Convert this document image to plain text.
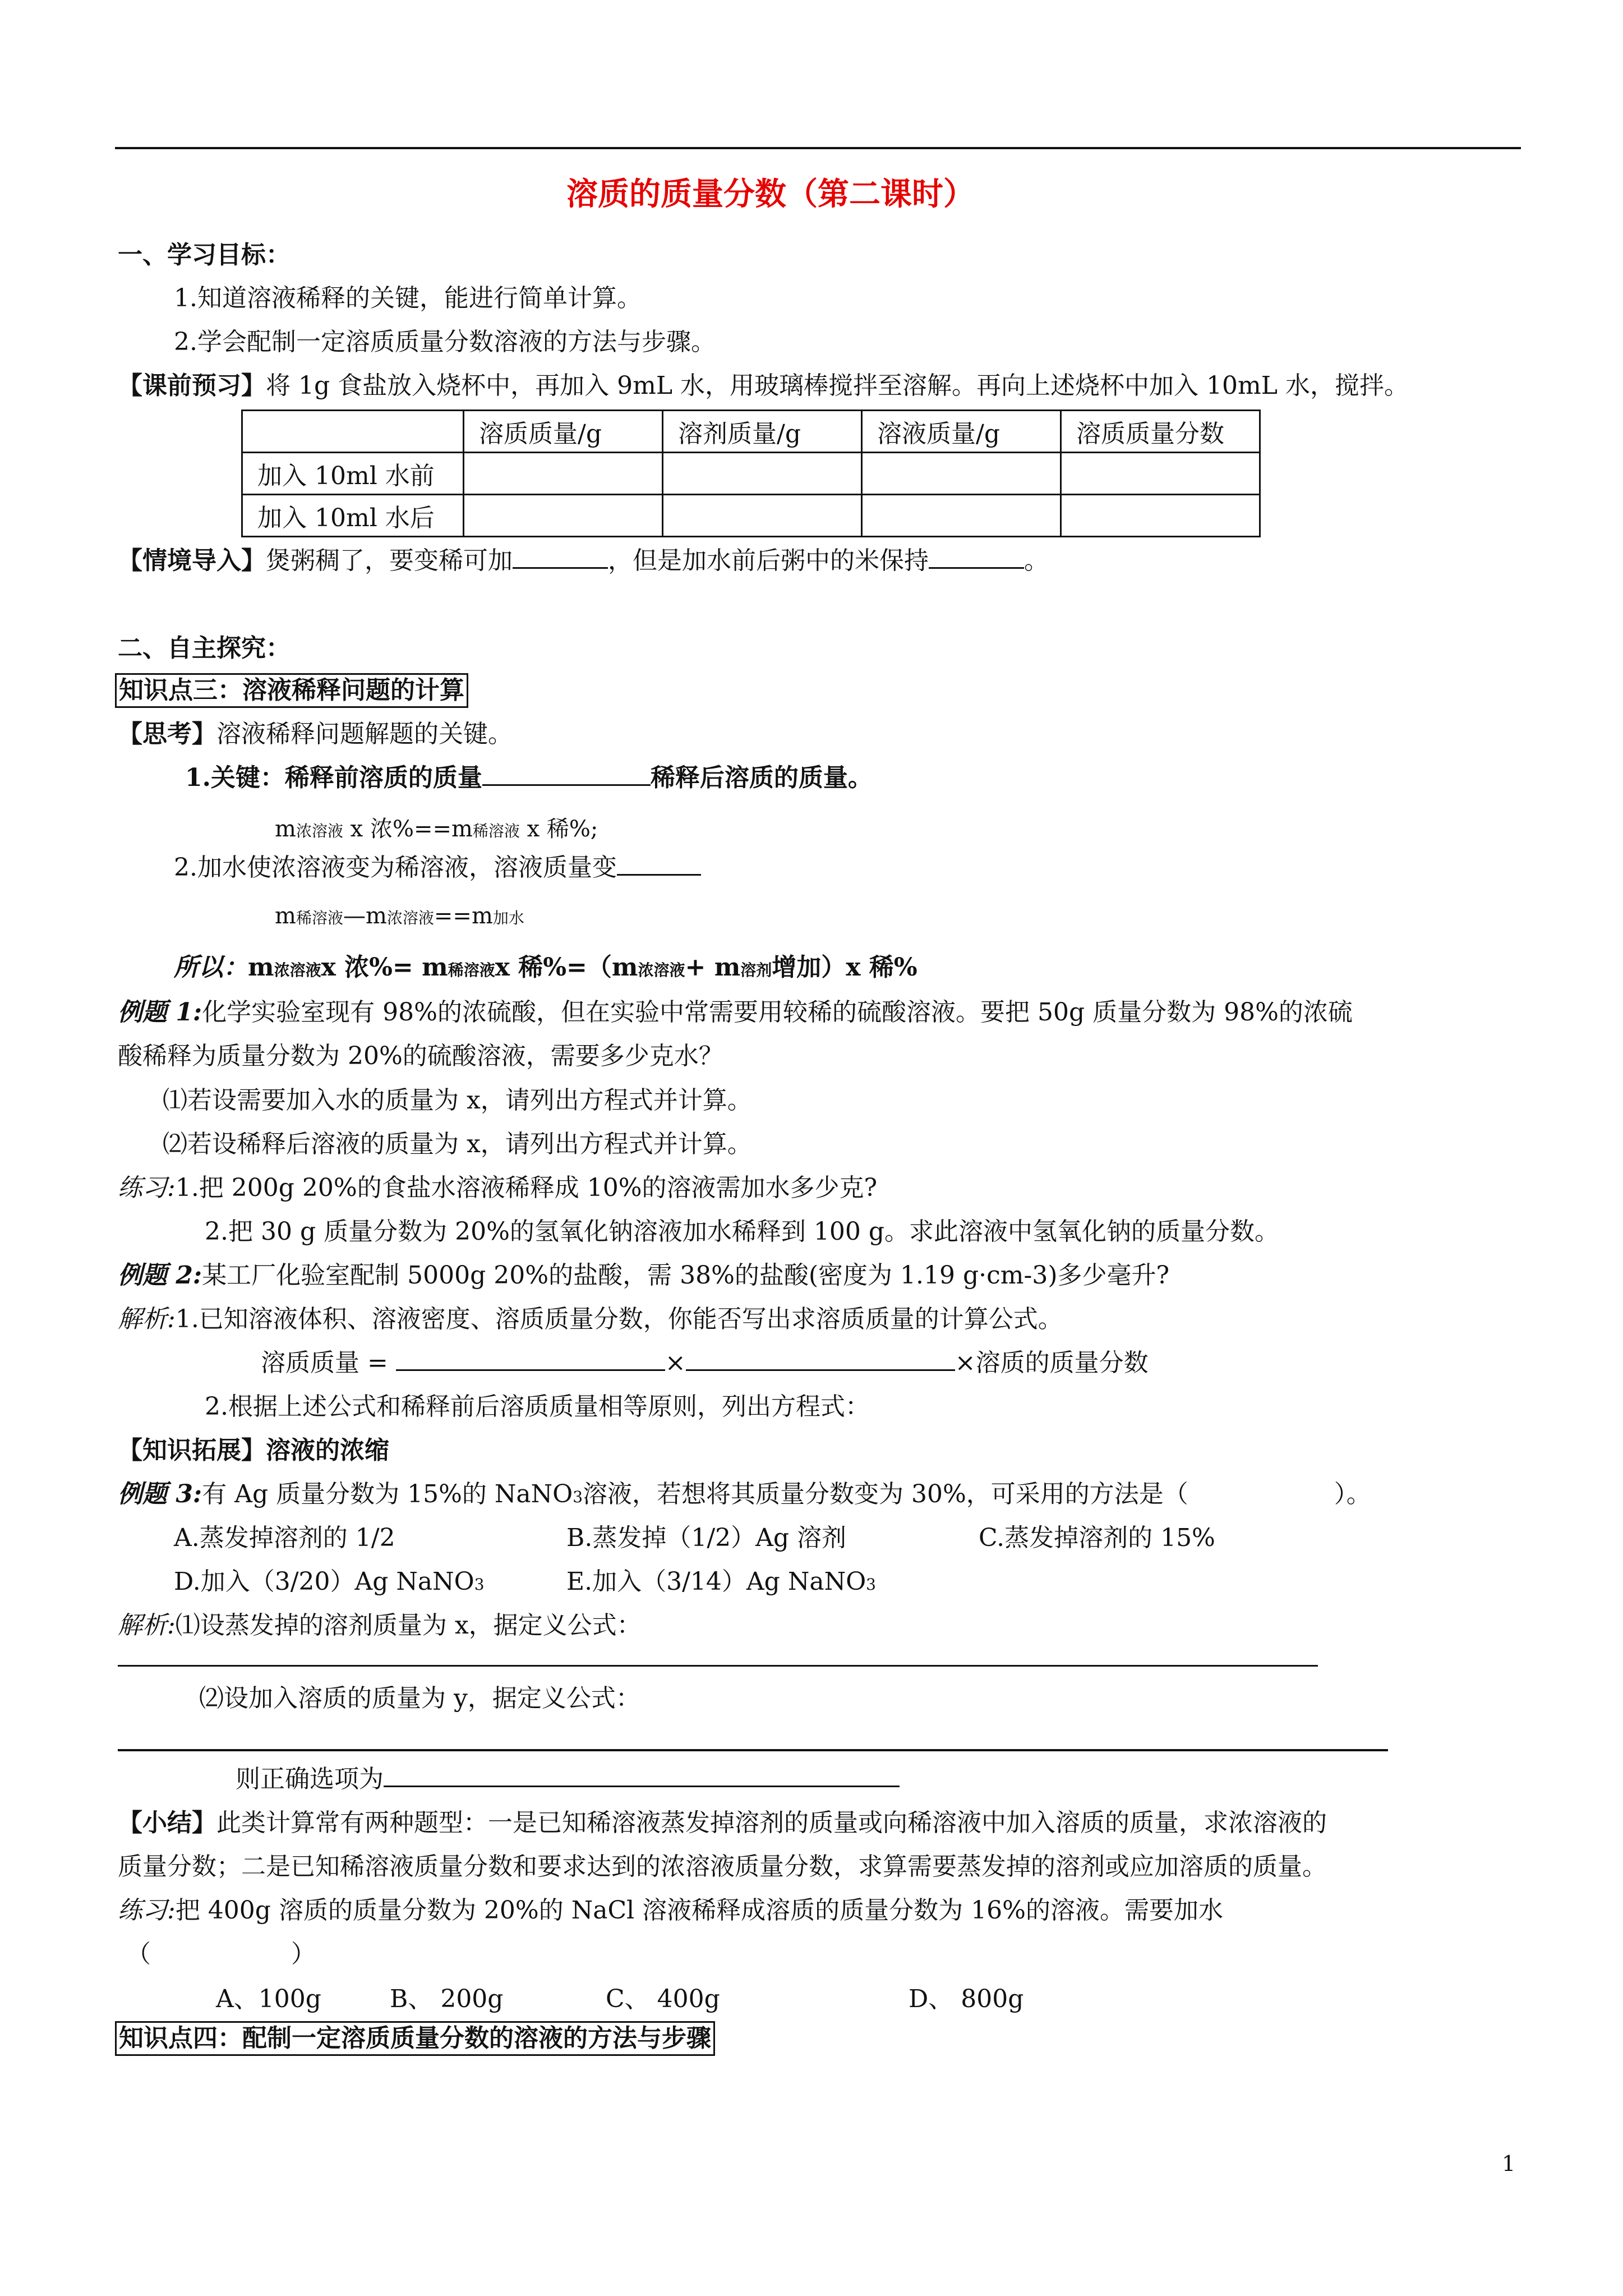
溶质的质量分数（第二课时）
一、学习目标：
1.知道溶液稀释的关键，能进行简单计算。
2.学会配制一定溶质质量分数溶液的方法与步骤。
【课前预习】将 1g 食盐放入烧杯中，再加入 9mL 水，用玻璃棒搅拌至溶解。再向上述烧杯中加入 10mL 水，搅拌。
	溶质质量/g	溶剂质量/g	溶液质量/g	溶质质量分数
加入 10ml 水前				
加入 10ml 水后				
【情境导入】煲粥稠了，要变稀可加	，但是加水前后粥中的米保持	。
二、自主探究：
知识点三：溶液稀释问题的计算
【思考】溶液稀释问题解题的关键。
1.关键：稀释前溶质的质量	稀释后溶质的质量。
m浓溶液 x 浓%==m稀溶液 x 稀%;
2.加水使浓溶液变为稀溶液，溶液质量变
m稀溶液—m浓溶液==m加水
所以：m浓溶液x 浓%= m稀溶液x 稀%=（m浓溶液+ m溶剂增加）x 稀%
例题 1:化学实验室现有 98%的浓硫酸，但在实验中常需要用较稀的硫酸溶液。要把 50g 质量分数为 98%的浓硫
酸稀释为质量分数为 20%的硫酸溶液，需要多少克水？
⑴若设需要加入水的质量为 x，请列出方程式并计算。
⑵若设稀释后溶液的质量为 x，请列出方程式并计算。
练习:1.把 200g 20%的食盐水溶液稀释成 10%的溶液需加水多少克?
2.把 30 g 质量分数为 20%的氢氧化钠溶液加水稀释到 100 g。求此溶液中氢氧化钠的质量分数。
例题 2:某工厂化验室配制 5000g 20%的盐酸，需 38%的盐酸(密度为 1.19 g·cm-3)多少毫升?
解析:1.已知溶液体积、溶液密度、溶质质量分数，你能否写出求溶质质量的计算公式。
溶质质量 =	×	×溶质的质量分数
2.根据上述公式和稀释前后溶质质量相等原则，列出方程式：
【知识拓展】溶液的浓缩
例题 3:有 Ag 质量分数为 15%的 NaNO3溶液，若想将其质量分数变为 30%，可采用的方法是（	）。
A.蒸发掉溶剂的 1/2	B.蒸发掉（1/2）Ag 溶剂	C.蒸发掉溶剂的 15%
D.加入（3/20）Ag NaNO3	E.加入（3/14）Ag NaNO3
解析:⑴设蒸发掉的溶剂质量为 x，据定义公式：
⑵设加入溶质的质量为 y，据定义公式：
则正确选项为
【小结】此类计算常有两种题型：一是已知稀溶液蒸发掉溶剂的质量或向稀溶液中加入溶质的质量，求浓溶液的
质量分数；二是已知稀溶液质量分数和要求达到的浓溶液质量分数，求算需要蒸发掉的溶剂或应加溶质的质量。
练习:把 400g 溶质的质量分数为 20%的 NaCl 溶液稀释成溶质的质量分数为 16%的溶液。需要加水
（	）
A、100g	B、 200g	C、 400g	D、 800g
知识点四：配制一定溶质质量分数的溶液的方法与步骤
1
